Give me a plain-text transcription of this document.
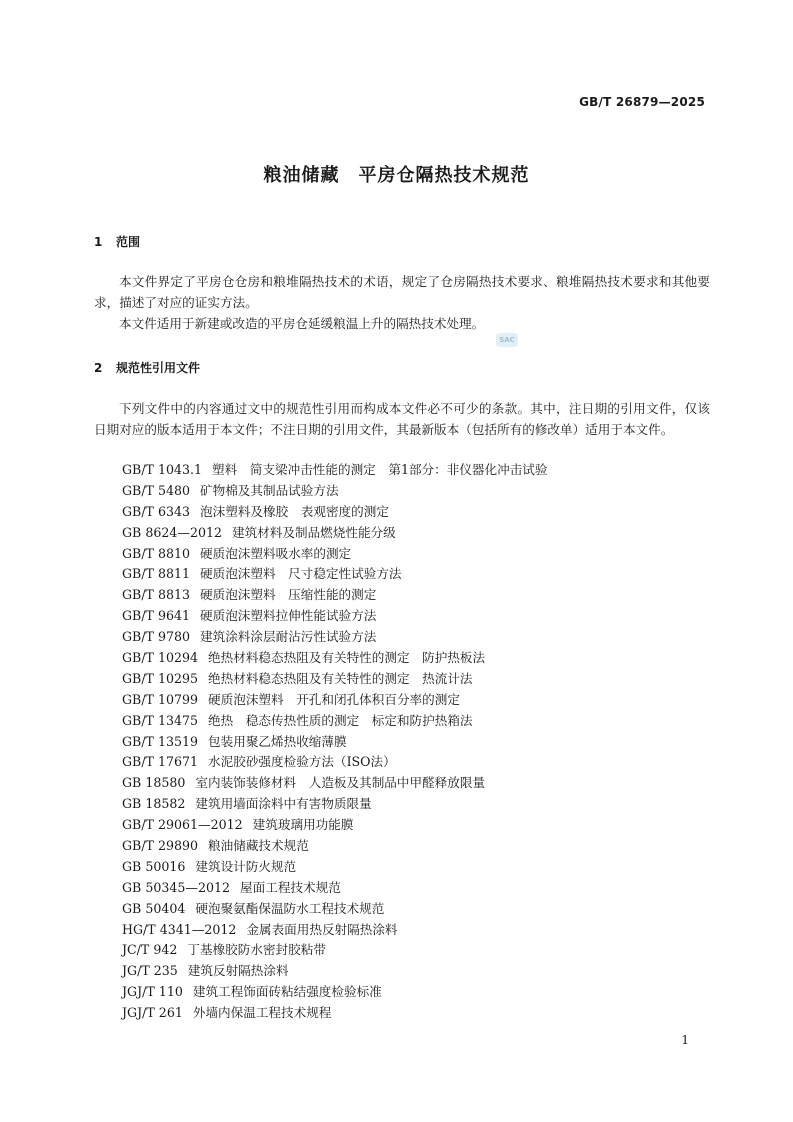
GB/T 26879—2025
粮油储藏　平房仓隔热技术规范
1 范围

本文件界定了平房仓仓房和粮堆隔热技术的术语，规定了仓房隔热技术要求、粮堆隔热技术要求和其他要求，描述了对应的证实方法。

本文件适用于新建或改造的平房仓延缓粮温上升的隔热技术处理。

SAC
2 规范性引用文件

下列文件中的内容通过文中的规范性引用而构成本文件必不可少的条款。其中，注日期的引用文件，仅该日期对应的版本适用于本文件；不注日期的引用文件，其最新版本（包括所有的修改单）适用于本文件。

GB/T 1043.1 塑料　简支梁冲击性能的测定　第1部分：非仪器化冲击试验
GB/T 5480 矿物棉及其制品试验方法
GB/T 6343 泡沫塑料及橡胶　表观密度的测定
GB 8624—2012 建筑材料及制品燃烧性能分级
GB/T 8810 硬质泡沫塑料吸水率的测定
GB/T 8811 硬质泡沫塑料　尺寸稳定性试验方法
GB/T 8813 硬质泡沫塑料　压缩性能的测定
GB/T 9641 硬质泡沫塑料拉伸性能试验方法
GB/T 9780 建筑涂料涂层耐沾污性试验方法
GB/T 10294 绝热材料稳态热阻及有关特性的测定　防护热板法
GB/T 10295 绝热材料稳态热阻及有关特性的测定　热流计法
GB/T 10799 硬质泡沫塑料　开孔和闭孔体积百分率的测定
GB/T 13475 绝热　稳态传热性质的测定　标定和防护热箱法
GB/T 13519 包装用聚乙烯热收缩薄膜
GB/T 17671 水泥胶砂强度检验方法（ISO法）
GB 18580 室内装饰装修材料　人造板及其制品中甲醛释放限量
GB 18582 建筑用墙面涂料中有害物质限量
GB/T 29061—2012 建筑玻璃用功能膜
GB/T 29890 粮油储藏技术规范
GB 50016 建筑设计防火规范
GB 50345—2012 屋面工程技术规范
GB 50404 硬泡聚氨酯保温防水工程技术规范
HG/T 4341—2012 金属表面用热反射隔热涂料
JC/T 942 丁基橡胶防水密封胶粘带
JG/T 235 建筑反射隔热涂料
JGJ/T 110 建筑工程饰面砖粘结强度检验标准
JGJ/T 261 外墙内保温工程技术规程
1
